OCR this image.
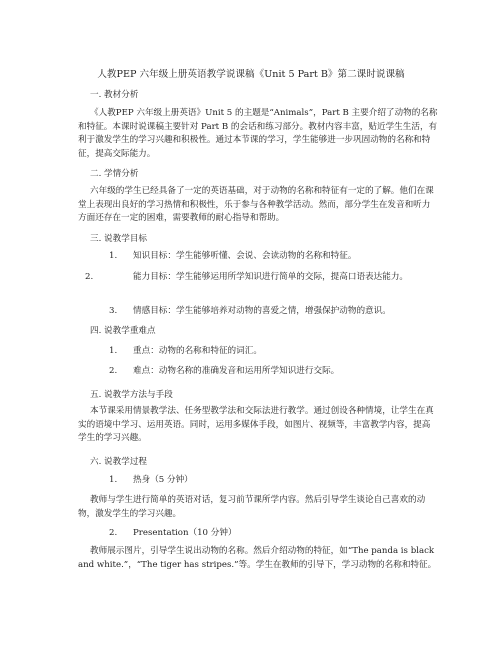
人教PEP 六年级上册英语教学说课稿《Unit 5 Part B》第二课时说课稿
一. 教材分析
《人教PEP 六年级上册英语》Unit 5 的主题是“Animals”，Part B 主要介绍了动物的名称和特征。本课时说课稿主要针对 Part B 的会话和练习部分。教材内容丰富，贴近学生生活，有利于激发学生的学习兴趣和积极性。通过本节课的学习，学生能够进一步巩固动物的名称和特征，提高交际能力。
二. 学情分析
六年级的学生已经具备了一定的英语基础，对于动物的名称和特征有一定的了解。他们在课堂上表现出良好的学习热情和积极性，乐于参与各种教学活动。然而，部分学生在发音和听力方面还存在一定的困难，需要教师的耐心指导和帮助。
三. 说教学目标
1. 知识目标：学生能够听懂、会说、会读动物的名称和特征。
2.	能力目标：学生能够运用所学知识进行简单的交际，提高口语表达能力。
3. 情感目标：学生能够培养对动物的喜爱之情，增强保护动物的意识。
四. 说教学重难点
1. 重点：动物的名称和特征的词汇。
2. 难点：动物名称的准确发音和运用所学知识进行交际。
五. 说教学方法与手段
本节课采用情景教学法、任务型教学法和交际法进行教学。通过创设各种情境，让学生在真实的语境中学习、运用英语。同时，运用多媒体手段，如图片、视频等，丰富教学内容，提高学生的学习兴趣。
六. 说教学过程
1. 热身（5 分钟）
教师与学生进行简单的英语对话，复习前节课所学内容。然后引导学生谈论自己喜欢的动物，激发学生的学习兴趣。
2. Presentation（10 分钟）
教师展示图片，引导学生说出动物的名称。然后介绍动物的特征，如“The panda is black and white.”，“The tiger has stripes.”等。学生在教师的引导下，学习动物的名称和特征。
